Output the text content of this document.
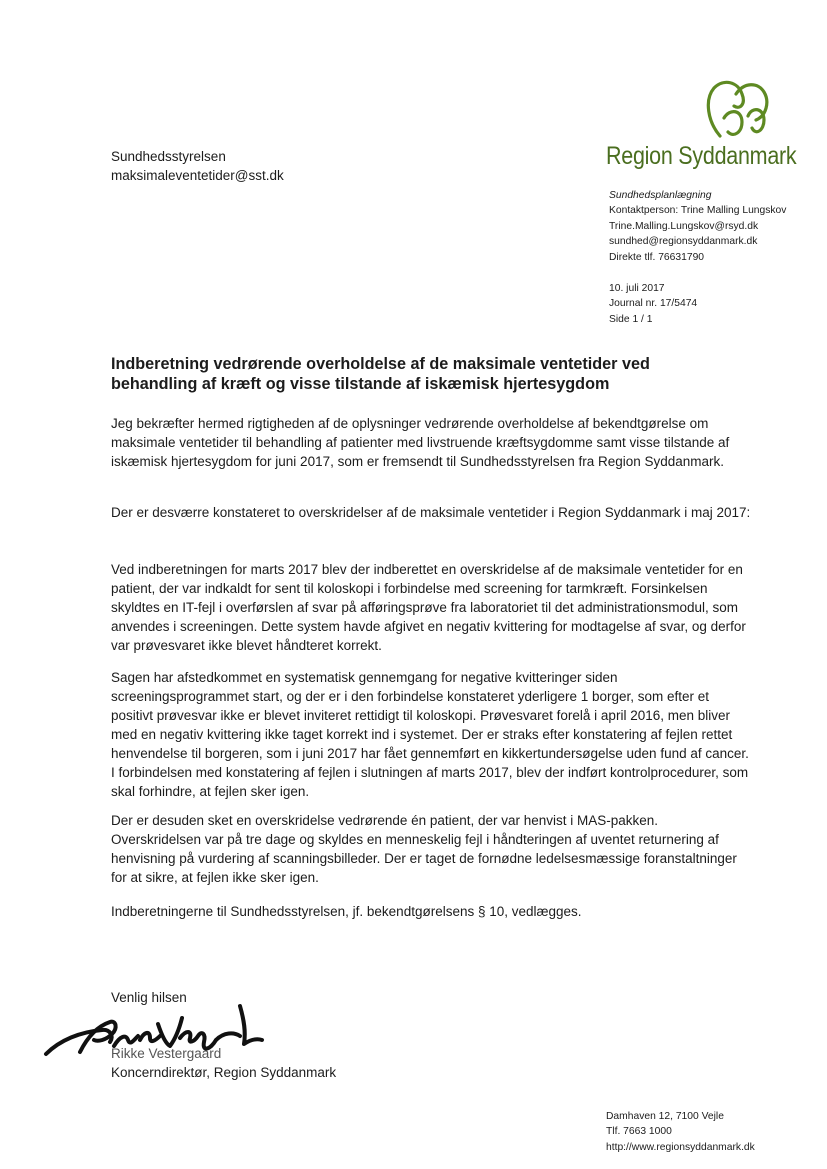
Sundhedsstyrelsen
maksimaleventetider@sst.dk
Region Syddanmark
Sundhedsplanlægning
Kontaktperson: Trine Malling Lungskov
Trine.Malling.Lungskov@rsyd.dk
sundhed@regionsyddanmark.dk
Direkte tlf. 76631790
10. juli 2017
Journal nr. 17/5474
Side 1 / 1
Indberetning vedrørende overholdelse af de maksimale ventetider ved behandling af kræft og visse tilstande af iskæmisk hjertesygdom
Jeg bekræfter hermed rigtigheden af de oplysninger vedrørende overholdelse af bekendtgørelse om maksimale ventetider til behandling af patienter med livstruende kræftsygdomme samt visse tilstande af iskæmisk hjertesygdom for juni 2017, som er fremsendt til Sundhedsstyrelsen fra Region Syddanmark.
Der er desværre konstateret to overskridelser af de maksimale ventetider i Region Syddanmark i maj 2017:
Ved indberetningen for marts 2017 blev der indberettet en overskridelse af de maksimale ventetider for en patient, der var indkaldt for sent til koloskopi i forbindelse med screening for tarmkræft. Forsinkelsen skyldtes en IT-fejl i overførslen af svar på afføringsprøve fra laboratoriet til det administrationsmodul, som anvendes i screeningen. Dette system havde afgivet en negativ kvittering for modtagelse af svar, og derfor var prøvesvaret ikke blevet håndteret korrekt.
Sagen har afstedkommet en systematisk gennemgang for negative kvitteringer siden screeningsprogrammet start, og der er i den forbindelse konstateret yderligere 1 borger, som efter et positivt prøvesvar ikke er blevet inviteret rettidigt til koloskopi. Prøvesvaret forelå i april 2016, men bliver med en negativ kvittering ikke taget korrekt ind i systemet. Der er straks efter konstatering af fejlen rettet henvendelse til borgeren, som i juni 2017 har fået gennemført en kikkertundersøgelse uden fund af cancer. I forbindelsen med konstatering af fejlen i slutningen af marts 2017, blev der indført kontrolprocedurer, som skal forhindre, at fejlen sker igen.
Der er desuden sket en overskridelse vedrørende én patient, der var henvist i MAS-pakken. Overskridelsen var på tre dage og skyldes en menneskelig fejl i håndteringen af uventet returnering af henvisning på vurdering af scanningsbilleder. Der er taget de fornødne ledelsesmæssige foranstaltninger for at sikre, at fejlen ikke sker igen.
Indberetningerne til Sundhedsstyrelsen, jf. bekendtgørelsens § 10, vedlægges.
Venlig hilsen
Rikke Vestergaard
Koncerndirektør, Region Syddanmark
Damhaven 12, 7100 Vejle
Tlf. 7663 1000
http://www.regionsyddanmark.dk
